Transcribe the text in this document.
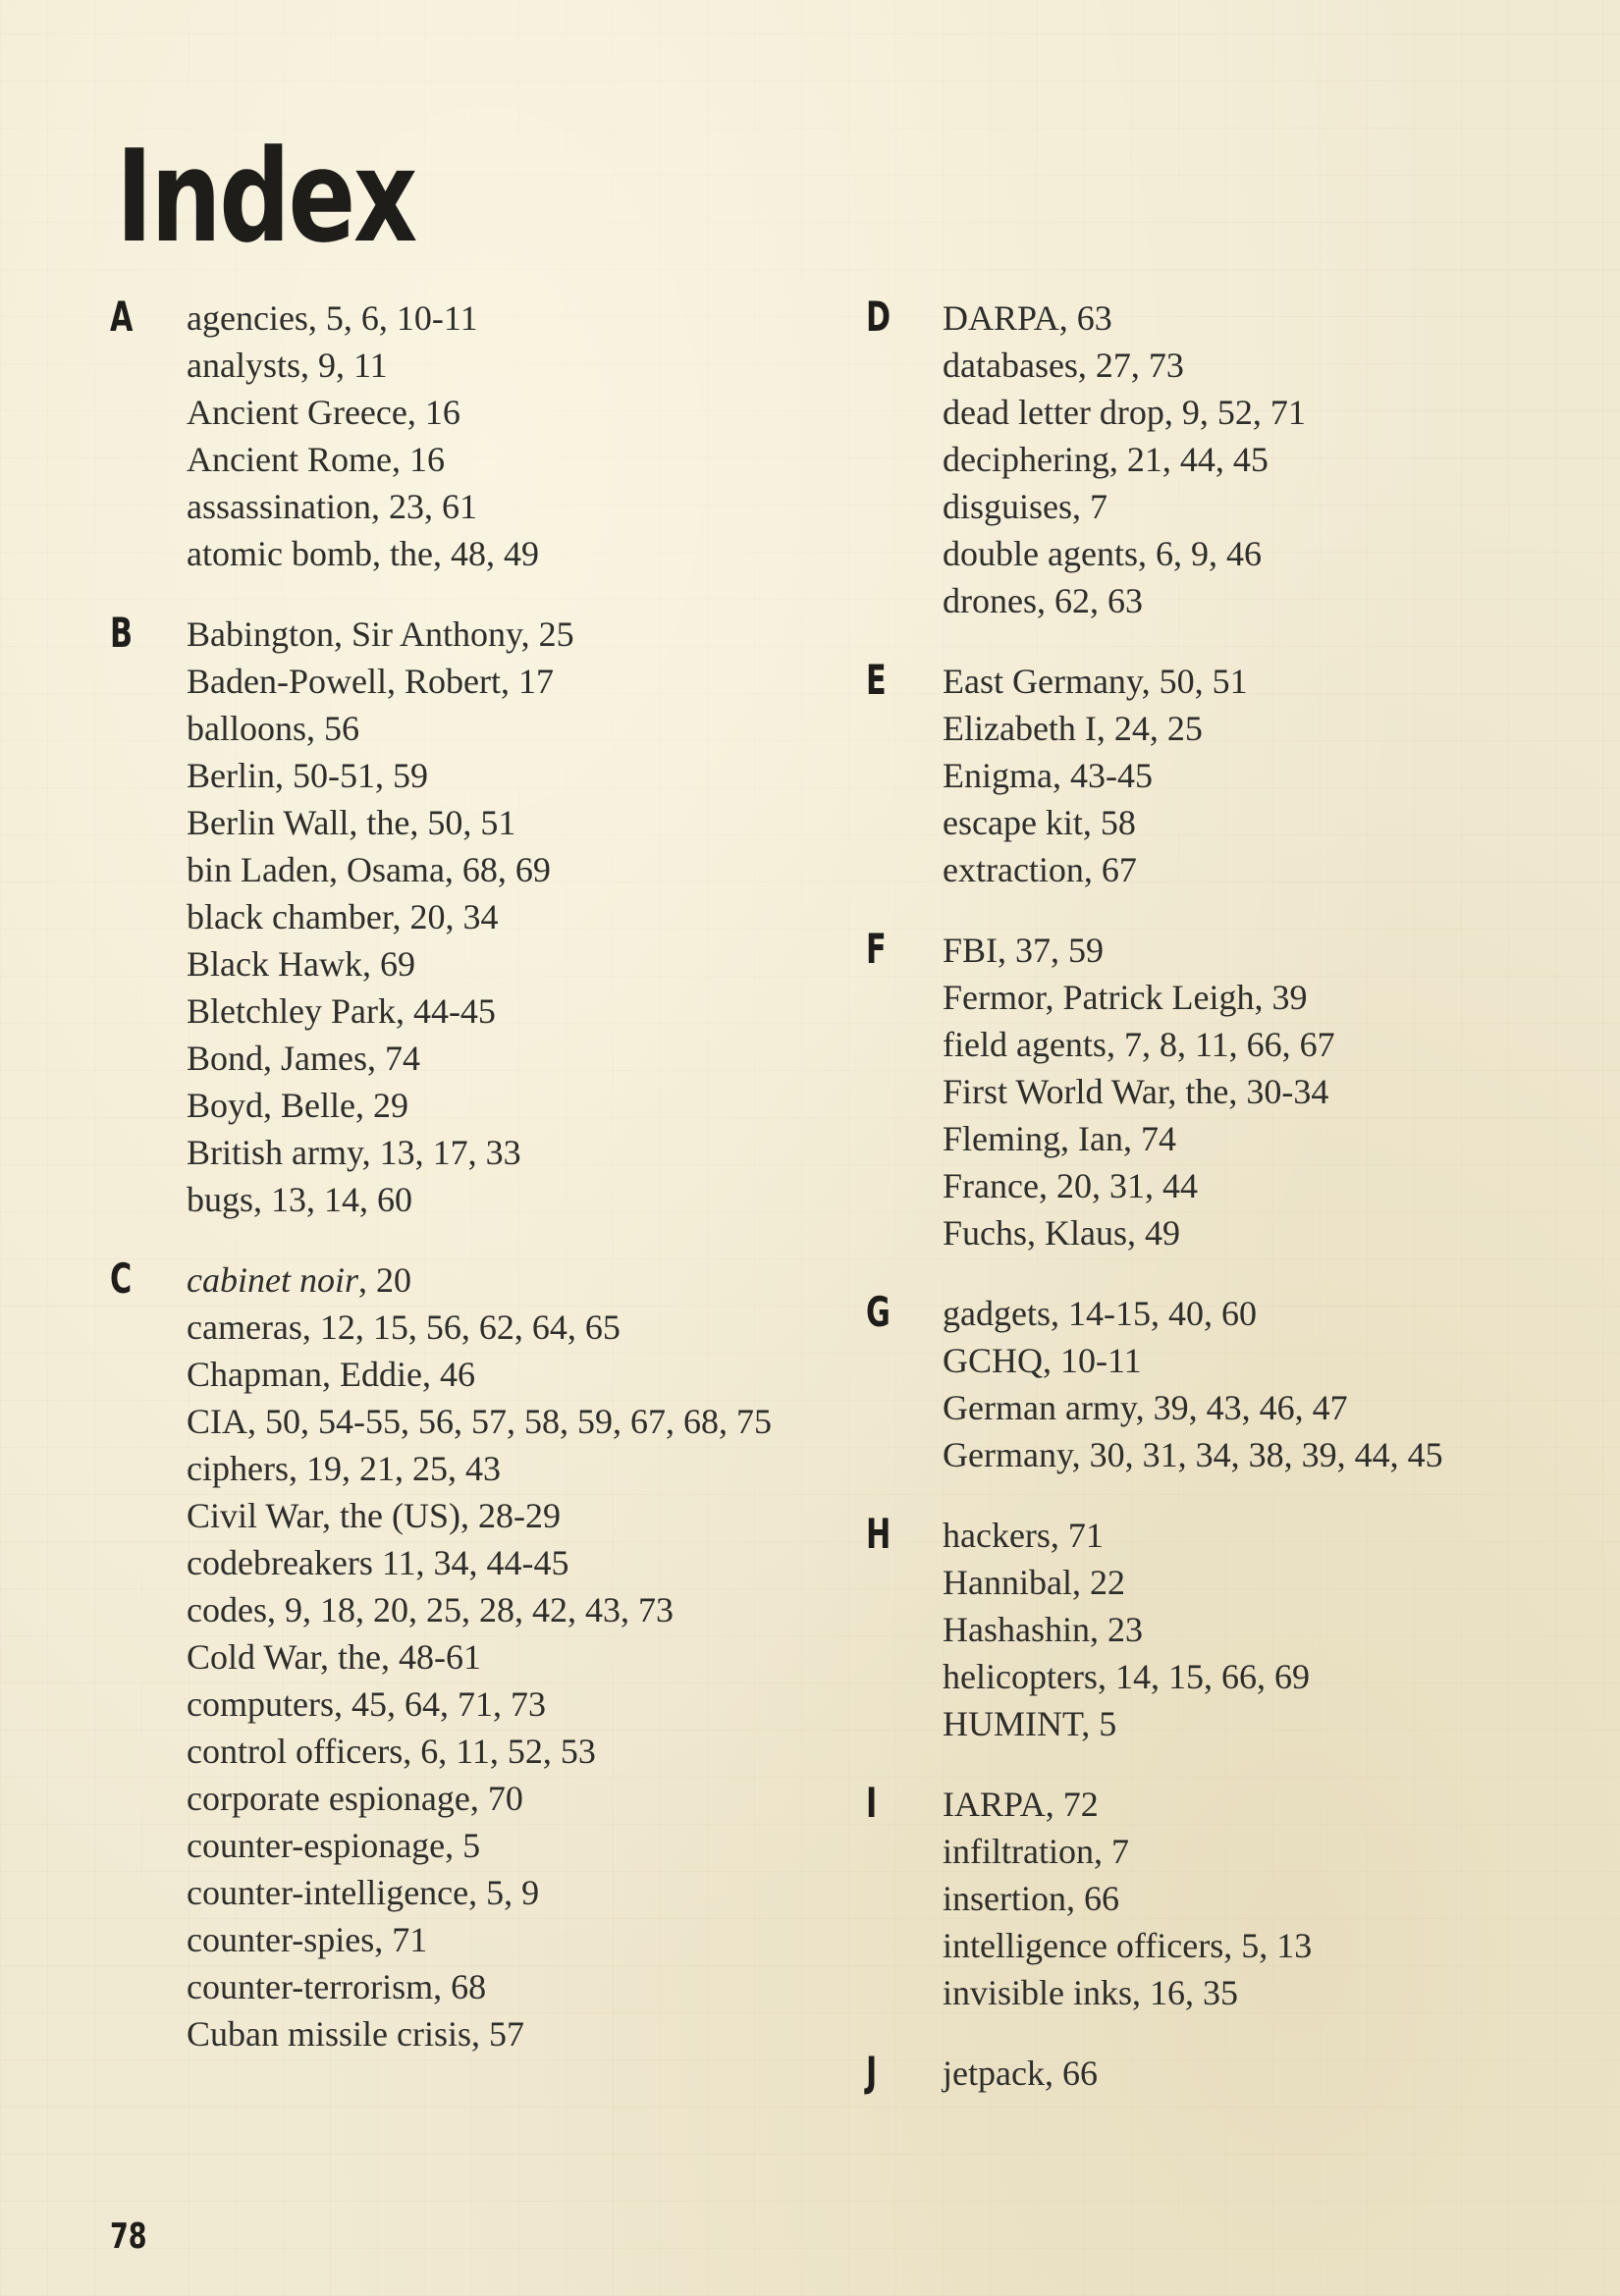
Index
A agencies, 5, 6, 10-11
analysts, 9, 11
Ancient Greece, 16
Ancient Rome, 16
assassination, 23, 61
atomic bomb, the, 48, 49
B Babington, Sir Anthony, 25
Baden-Powell, Robert, 17
balloons, 56
Berlin, 50-51, 59
Berlin Wall, the, 50, 51
bin Laden, Osama, 68, 69
black chamber, 20, 34
Black Hawk, 69
Bletchley Park, 44-45
Bond, James, 74
Boyd, Belle, 29
British army, 13, 17, 33
bugs, 13, 14, 60
C cabinet noir, 20
cameras, 12, 15, 56, 62, 64, 65
Chapman, Eddie, 46
CIA, 50, 54-55, 56, 57, 58, 59, 67, 68, 75
ciphers, 19, 21, 25, 43
Civil War, the (US), 28-29
codebreakers 11, 34, 44-45
codes, 9, 18, 20, 25, 28, 42, 43, 73
Cold War, the, 48-61
computers, 45, 64, 71, 73
control officers, 6, 11, 52, 53
corporate espionage, 70
counter-espionage, 5
counter-intelligence, 5, 9
counter-spies, 71
counter-terrorism, 68
Cuban missile crisis, 57
D DARPA, 63
databases, 27, 73
dead letter drop, 9, 52, 71
deciphering, 21, 44, 45
disguises, 7
double agents, 6, 9, 46
drones, 62, 63
E East Germany, 50, 51
Elizabeth I, 24, 25
Enigma, 43-45
escape kit, 58
extraction, 67
F FBI, 37, 59
Fermor, Patrick Leigh, 39
field agents, 7, 8, 11, 66, 67
First World War, the, 30-34
Fleming, Ian, 74
France, 20, 31, 44
Fuchs, Klaus, 49
G gadgets, 14-15, 40, 60
GCHQ, 10-11
German army, 39, 43, 46, 47
Germany, 30, 31, 34, 38, 39, 44, 45
H hackers, 71
Hannibal, 22
Hashashin, 23
helicopters, 14, 15, 66, 69
HUMINT, 5
I IARPA, 72
infiltration, 7
insertion, 66
intelligence officers, 5, 13
invisible inks, 16, 35
J jetpack, 66
78
